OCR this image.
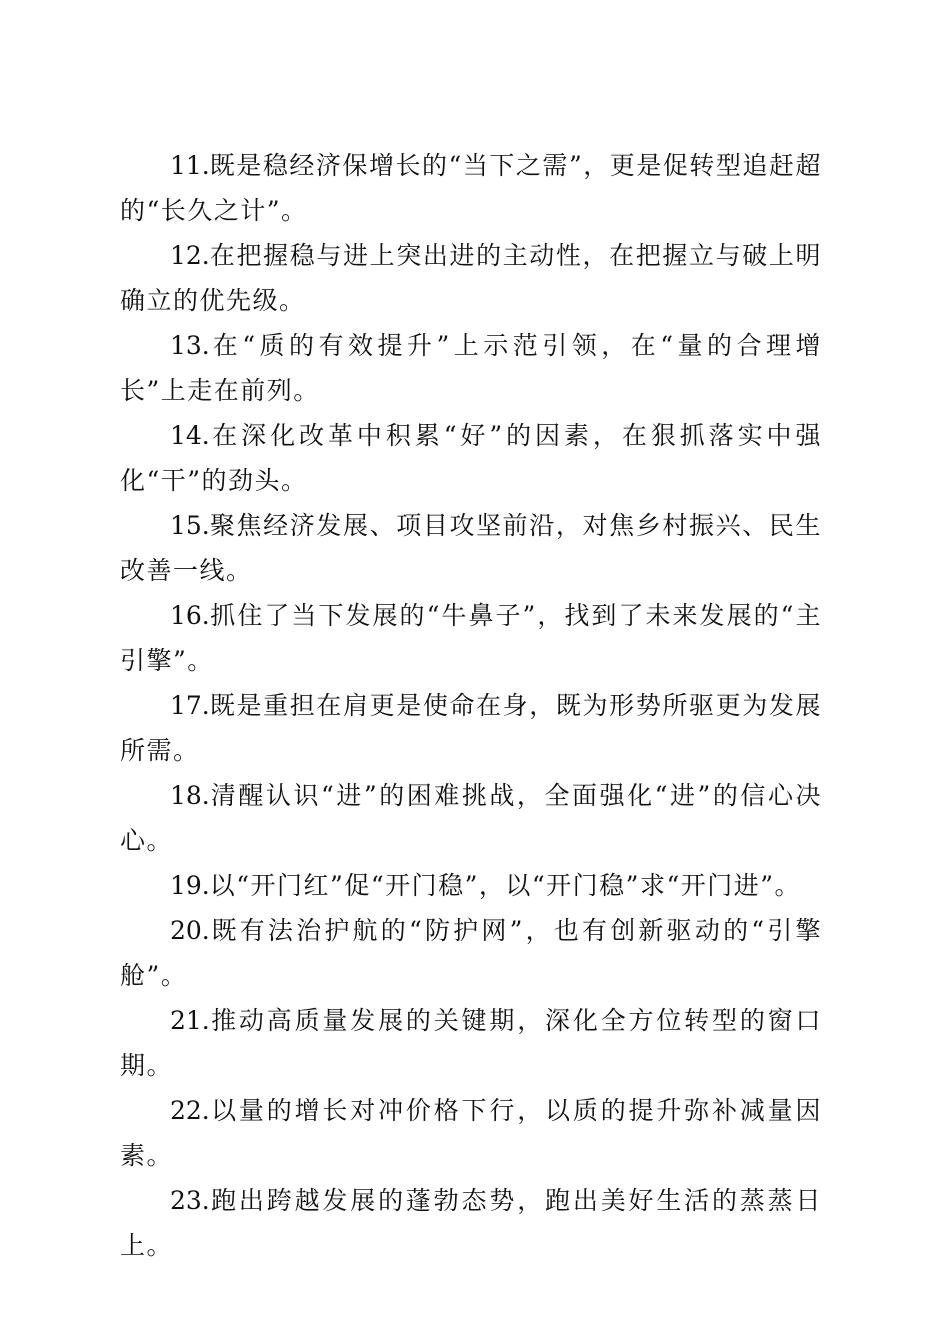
11.既是稳经济保增长的“当下之需”，更是促转型追赶超的“长久之计”。

12.在把握稳与进上突出进的主动性，在把握立与破上明确立的优先级。

13.在“质的有效提升”上示范引领，在“量的合理增长”上走在前列。

14.在深化改革中积累“好”的因素，在狠抓落实中强化“干”的劲头。

15.聚焦经济发展、项目攻坚前沿，对焦乡村振兴、民生改善一线。

16.抓住了当下发展的“牛鼻子”，找到了未来发展的“主引擎”。

17.既是重担在肩更是使命在身，既为形势所驱更为发展所需。

18.清醒认识“进”的困难挑战，全面强化“进”的信心决心。

19.以“开门红”促“开门稳”，以“开门稳”求“开门进”。

20.既有法治护航的“防护网”，也有创新驱动的“引擎舱”。

21.推动高质量发展的关键期，深化全方位转型的窗口期。

22.以量的增长对冲价格下行，以质的提升弥补减量因素。

23.跑出跨越发展的蓬勃态势，跑出美好生活的蒸蒸日上。
